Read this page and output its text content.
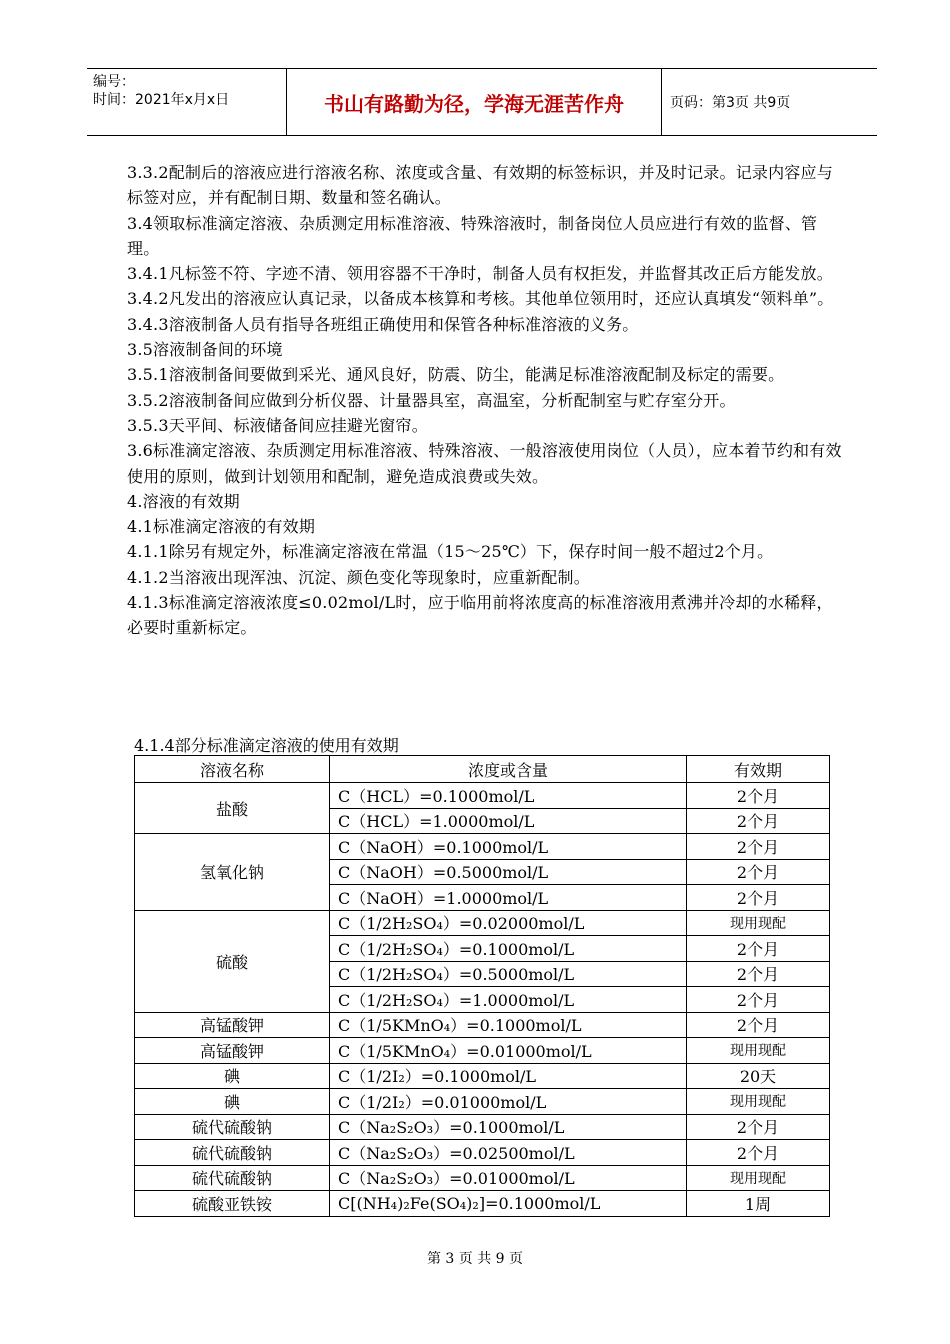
编号：
时间：2021年x月x日	书山有路勤为径，学海无涯苦作舟	页码：第3页 共9页

3.3.2配制后的溶液应进行溶液名称、浓度或含量、有效期的标签标识，并及时记录。记录内容应与标签对应，并有配制日期、数量和签名确认。

3.4领取标准滴定溶液、杂质测定用标准溶液、特殊溶液时，制备岗位人员应进行有效的监督、管理。

3.4.1凡标签不符、字迹不清、领用容器不干净时，制备人员有权拒发，并监督其改正后方能发放。

3.4.2凡发出的溶液应认真记录，以备成本核算和考核。其他单位领用时，还应认真填发“领料单”。

3.4.3溶液制备人员有指导各班组正确使用和保管各种标准溶液的义务。

3.5溶液制备间的环境

3.5.1溶液制备间要做到采光、通风良好，防震、防尘，能满足标准溶液配制及标定的需要。

3.5.2溶液制备间应做到分析仪器、计量器具室，高温室，分析配制室与贮存室分开。

3.5.3天平间、标液储备间应挂避光窗帘。

3.6标准滴定溶液、杂质测定用标准溶液、特殊溶液、一般溶液使用岗位（人员），应本着节约和有效使用的原则，做到计划领用和配制，避免造成浪费或失效。

4.溶液的有效期

4.1标准滴定溶液的有效期

4.1.1除另有规定外，标准滴定溶液在常温（15～25℃）下，保存时间一般不超过2个月。

4.1.2当溶液出现浑浊、沉淀、颜色变化等现象时，应重新配制。

4.1.3标准滴定溶液浓度≤0.02mol/L时，应于临用前将浓度高的标准溶液用煮沸并冷却的水稀释，必要时重新标定。

4.1.4部分标准滴定溶液的使用有效期
溶液名称	浓度或含量	有效期
盐酸	C（HCL）=0.1000mol/L	2个月
	C（HCL）=1.0000mol/L	2个月
氢氧化钠	C（NaOH）=0.1000mol/L	2个月
	C（NaOH）=0.5000mol/L	2个月
	C（NaOH）=1.0000mol/L	2个月
硫酸	C（1/2H₂SO₄）=0.02000mol/L	现用现配
	C（1/2H₂SO₄）=0.1000mol/L	2个月
	C（1/2H₂SO₄）=0.5000mol/L	2个月
	C（1/2H₂SO₄）=1.0000mol/L	2个月
高锰酸钾	C（1/5KMnO₄）=0.1000mol/L	2个月
高锰酸钾	C（1/5KMnO₄）=0.01000mol/L	现用现配
碘	C（1/2I₂）=0.1000mol/L	20天
碘	C（1/2I₂）=0.01000mol/L	现用现配
硫代硫酸钠	C（Na₂S₂O₃）=0.1000mol/L	2个月
硫代硫酸钠	C（Na₂S₂O₃）=0.02500mol/L	2个月
硫代硫酸钠	C（Na₂S₂O₃）=0.01000mol/L	现用现配
硫酸亚铁铵	C[(NH₄)₂Fe(SO₄)₂]=0.1000mol/L	1周
第 3 页 共 9 页
